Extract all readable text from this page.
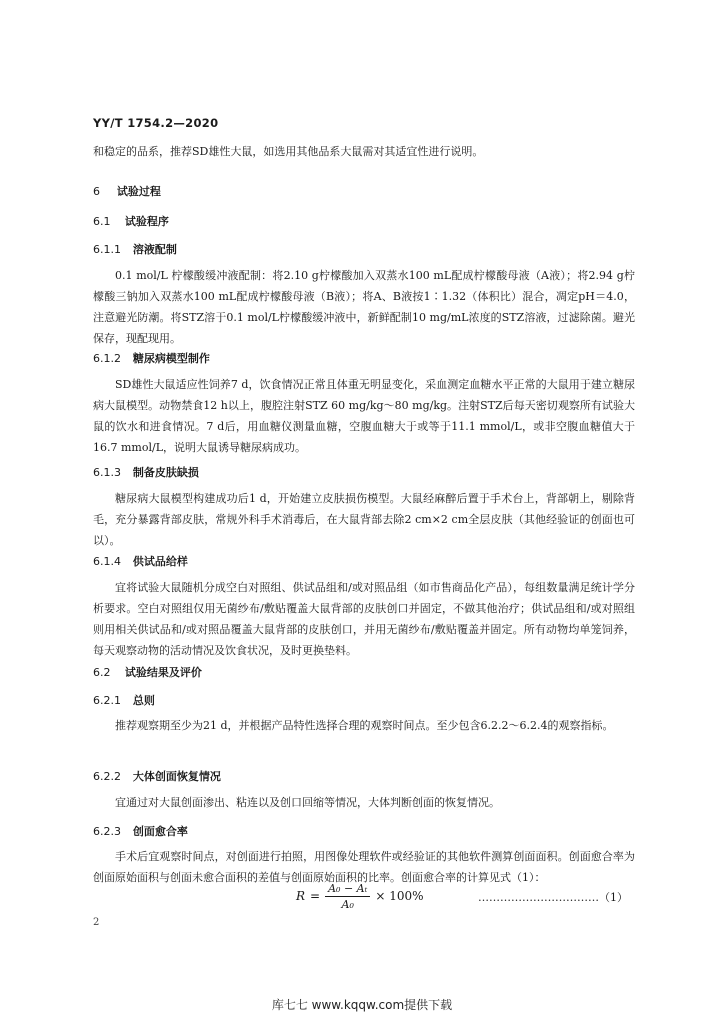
YY/T 1754.2—2020

和稳定的品系，推荐SD雄性大鼠，如选用其他品系大鼠需对其适宜性进行说明。

6 试验过程
6.1 试验程序
6.1.1 溶液配制

0.1 mol/L 柠檬酸缓冲液配制：将2.10 g柠檬酸加入双蒸水100 mL配成柠檬酸母液（A液）；将2.94 g柠檬酸三钠加入双蒸水100 mL配成柠檬酸母液（B液）；将A、B液按1∶1.32（体积比）混合，凋定pH＝4.0，注意避光防潮。将STZ溶于0.1 mol/L柠檬酸缓冲液中，新鲜配制10 mg/mL浓度的STZ溶液，过滤除菌。避光保存，现配现用。

6.1.2 糖尿病模型制作

SD雄性大鼠适应性饲养7 d，饮食情况正常且体重无明显变化，采血测定血糖水平正常的大鼠用于建立糖尿病大鼠模型。动物禁食12 h以上，腹腔注射STZ 60 mg/kg～80 mg/kg。注射STZ后每天密切观察所有试验大鼠的饮水和进食情况。7 d后，用血糖仪测量血糖，空腹血糖大于或等于11.1 mmol/L，或非空腹血糖值大于16.7 mmol/L，说明大鼠诱导糖尿病成功。

6.1.3 制备皮肤缺损

糖尿病大鼠模型构建成功后1 d，开始建立皮肤损伤模型。大鼠经麻醉后置于手术台上，背部朝上，剔除背毛，充分暴露背部皮肤，常规外科手术消毒后，在大鼠背部去除2 cm×2 cm全层皮肤（其他经验证的创面也可以）。

6.1.4 供试品给样

宜将试验大鼠随机分成空白对照组、供试品组和/或对照品组（如市售商品化产品），每组数量满足统计学分析要求。空白对照组仅用无菌纱布/敷贴覆盖大鼠背部的皮肤创口并固定，不做其他治疗；供试品组和/或对照组则用相关供试品和/或对照品覆盖大鼠背部的皮肤创口，并用无菌纱布/敷贴覆盖并固定。所有动物均单笼饲养，每天观察动物的活动情况及饮食状况，及时更换垫料。

6.2 试验结果及评价
6.2.1 总则

推荐观察期至少为21 d，并根据产品特性选择合理的观察时间点。至少包含6.2.2～6.2.4的观察指标。

6.2.2 大体创面恢复情况

宜通过对大鼠创面渗出、粘连以及创口回缩等情况，大体判断创面的恢复情况。

6.2.3 创面愈合率

手术后宜观察时间点，对创面进行拍照，用图像处理软件或经验证的其他软件测算创面面积。创面愈合率为创面原始面积与创面未愈合面积的差值与创面原始面积的比率。创面愈合率的计算见式（1）：

$R = \frac{\text{A₀ − Aₜ}}{\text{A₀}} \times 100\%$	……………………………（1）
2
库七七 www.kqqw.com提供下载
